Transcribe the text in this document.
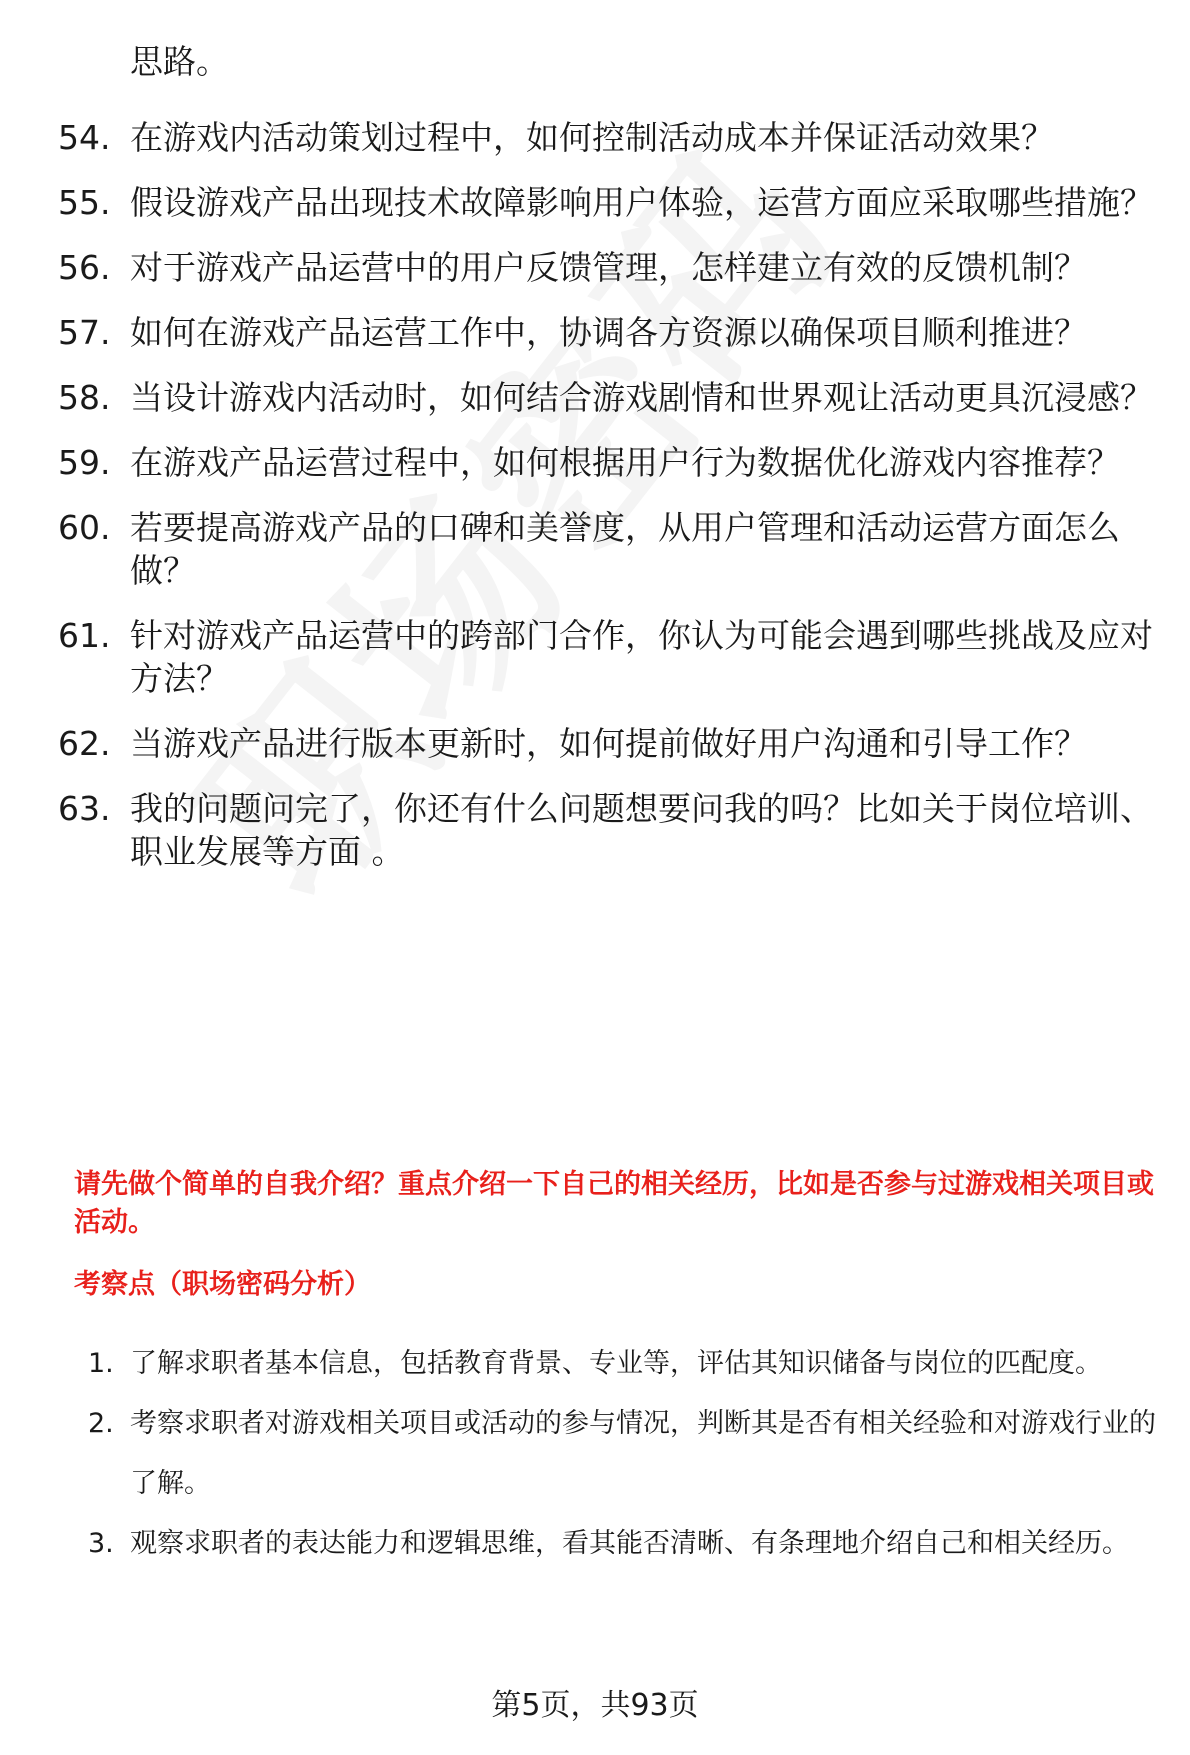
思路。
54. 在游戏内活动策划过程中，如何控制活动成本并保证活动效果？
55. 假设游戏产品出现技术故障影响用户体验，运营方面应采取哪些措施？
56. 对于游戏产品运营中的用户反馈管理，怎样建立有效的反馈机制？
57. 如何在游戏产品运营工作中，协调各方资源以确保项目顺利推进？
58. 当设计游戏内活动时，如何结合游戏剧情和世界观让活动更具沉浸感？
59. 在游戏产品运营过程中，如何根据用户行为数据优化游戏内容推荐？
60. 若要提高游戏产品的口碑和美誉度，从用户管理和活动运营方面怎么做？
61. 针对游戏产品运营中的跨部门合作，你认为可能会遇到哪些挑战及应对方法？
62. 当游戏产品进行版本更新时，如何提前做好用户沟通和引导工作？
63. 我的问题问完了，你还有什么问题想要问我的吗？比如关于岗位培训、职业发展等方面 。
请先做个简单的自我介绍？重点介绍一下自己的相关经历，比如是否参与过游戏相关项目或活动。
考察点（职场密码分析）
1. 了解求职者基本信息，包括教育背景、专业等，评估其知识储备与岗位的匹配度。
2. 考察求职者对游戏相关项目或活动的参与情况，判断其是否有相关经验和对游戏行业的了解。
3. 观察求职者的表达能力和逻辑思维，看其能否清晰、有条理地介绍自己和相关经历。
第5页，共93页
